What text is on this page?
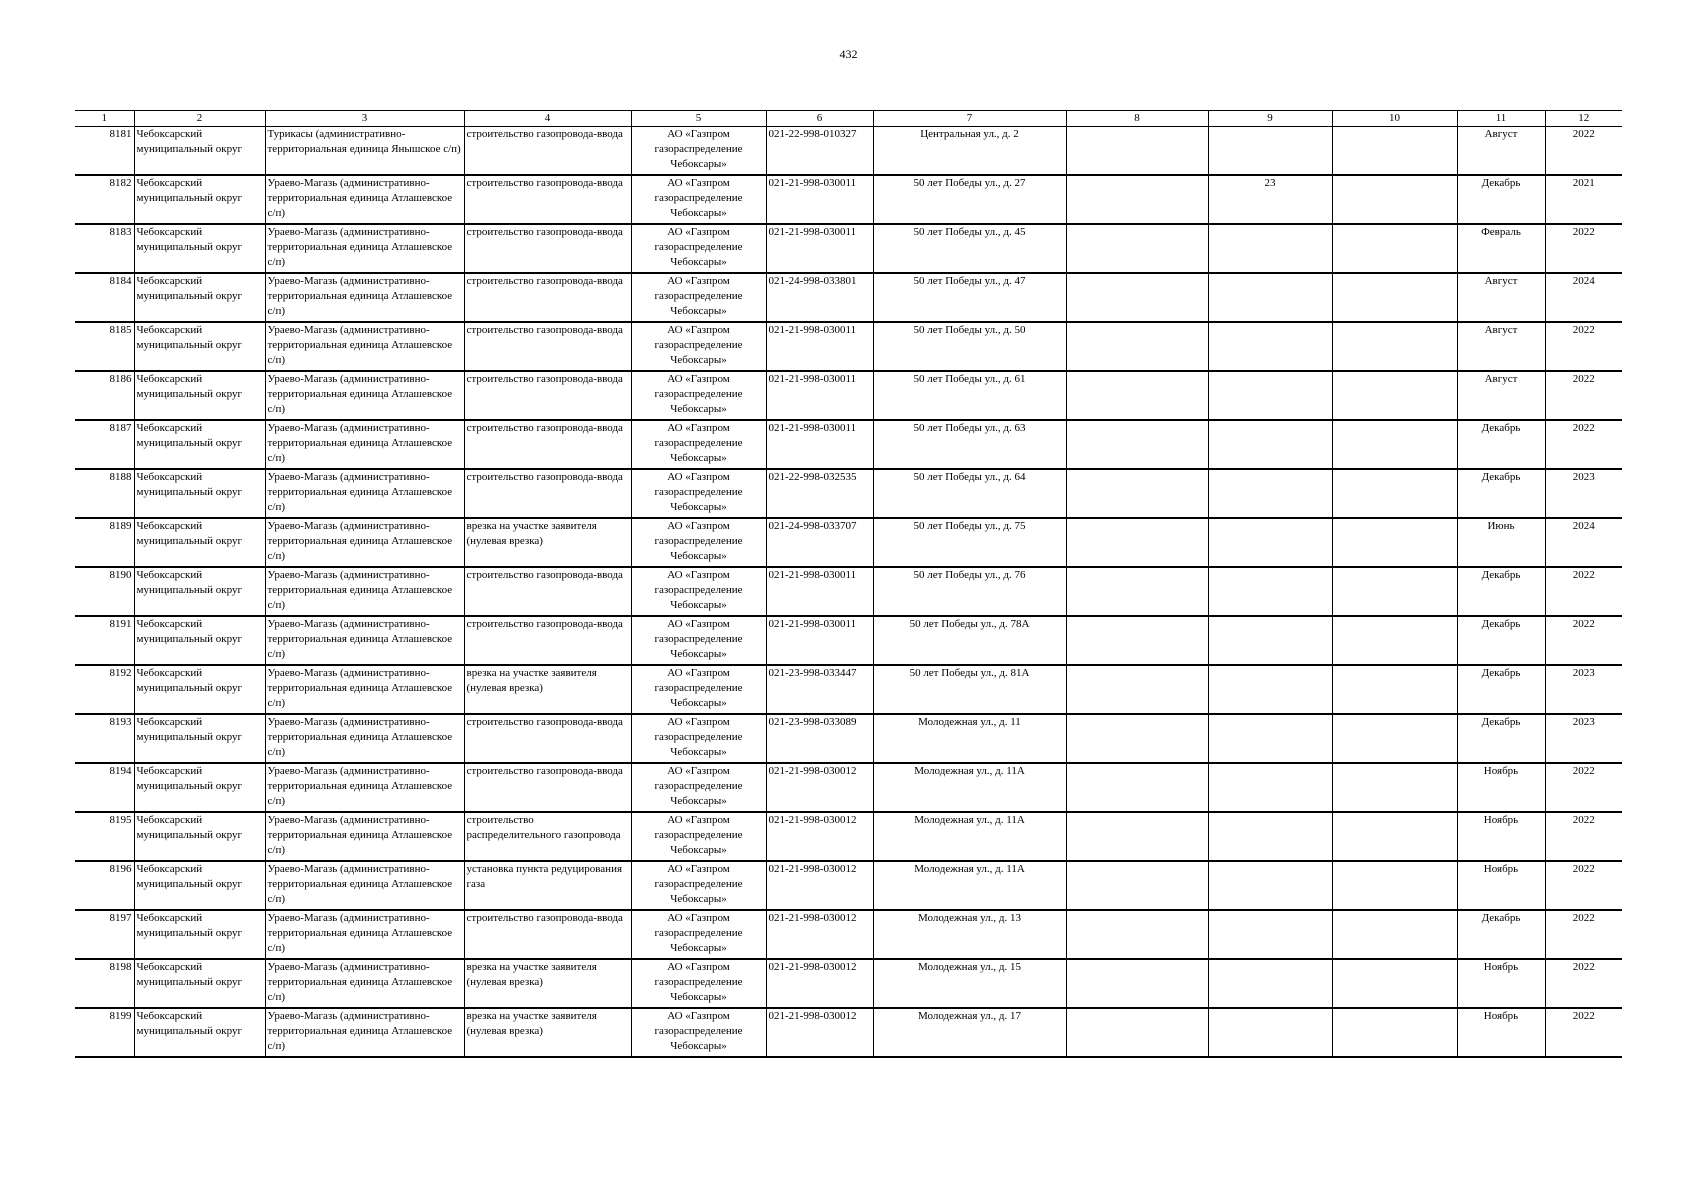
432
1	2	3	4	5	6	7	8	9	10	11	12
8181	Чебоксарский муниципальный округ	Турикасы (административно-территориальная единица Янышское с/п)	строительство газопровода-ввода	АО «Газпром газораспределение Чебоксары»	021-22-998-010327	Центральная ул., д. 2				Август	2022
8182	Чебоксарский муниципальный округ	Ураево-Магазь (административно-территориальная единица Атлашевское с/п)	строительство газопровода-ввода	АО «Газпром газораспределение Чебоксары»	021-21-998-030011	50 лет Победы ул., д. 27		23		Декабрь	2021
8183	Чебоксарский муниципальный округ	Ураево-Магазь (административно-территориальная единица Атлашевское с/п)	строительство газопровода-ввода	АО «Газпром газораспределение Чебоксары»	021-21-998-030011	50 лет Победы ул., д. 45				Февраль	2022
8184	Чебоксарский муниципальный округ	Ураево-Магазь (административно-территориальная единица Атлашевское с/п)	строительство газопровода-ввода	АО «Газпром газораспределение Чебоксары»	021-24-998-033801	50 лет Победы ул., д. 47				Август	2024
8185	Чебоксарский муниципальный округ	Ураево-Магазь (административно-территориальная единица Атлашевское с/п)	строительство газопровода-ввода	АО «Газпром газораспределение Чебоксары»	021-21-998-030011	50 лет Победы ул., д. 50				Август	2022
8186	Чебоксарский муниципальный округ	Ураево-Магазь (административно-территориальная единица Атлашевское с/п)	строительство газопровода-ввода	АО «Газпром газораспределение Чебоксары»	021-21-998-030011	50 лет Победы ул., д. 61				Август	2022
8187	Чебоксарский муниципальный округ	Ураево-Магазь (административно-территориальная единица Атлашевское с/п)	строительство газопровода-ввода	АО «Газпром газораспределение Чебоксары»	021-21-998-030011	50 лет Победы ул., д. 63				Декабрь	2022
8188	Чебоксарский муниципальный округ	Ураево-Магазь (административно-территориальная единица Атлашевское с/п)	строительство газопровода-ввода	АО «Газпром газораспределение Чебоксары»	021-22-998-032535	50 лет Победы ул., д. 64				Декабрь	2023
8189	Чебоксарский муниципальный округ	Ураево-Магазь (административно-территориальная единица Атлашевское с/п)	врезка на участке заявителя (нулевая врезка)	АО «Газпром газораспределение Чебоксары»	021-24-998-033707	50 лет Победы ул., д. 75				Июнь	2024
8190	Чебоксарский муниципальный округ	Ураево-Магазь (административно-территориальная единица Атлашевское с/п)	строительство газопровода-ввода	АО «Газпром газораспределение Чебоксары»	021-21-998-030011	50 лет Победы ул., д. 76				Декабрь	2022
8191	Чебоксарский муниципальный округ	Ураево-Магазь (административно-территориальная единица Атлашевское с/п)	строительство газопровода-ввода	АО «Газпром газораспределение Чебоксары»	021-21-998-030011	50 лет Победы ул., д. 78А				Декабрь	2022
8192	Чебоксарский муниципальный округ	Ураево-Магазь (административно-территориальная единица Атлашевское с/п)	врезка на участке заявителя (нулевая врезка)	АО «Газпром газораспределение Чебоксары»	021-23-998-033447	50 лет Победы ул., д. 81А				Декабрь	2023
8193	Чебоксарский муниципальный округ	Ураево-Магазь (административно-территориальная единица Атлашевское с/п)	строительство газопровода-ввода	АО «Газпром газораспределение Чебоксары»	021-23-998-033089	Молодежная ул., д. 11				Декабрь	2023
8194	Чебоксарский муниципальный округ	Ураево-Магазь (административно-территориальная единица Атлашевское с/п)	строительство газопровода-ввода	АО «Газпром газораспределение Чебоксары»	021-21-998-030012	Молодежная ул., д. 11А				Ноябрь	2022
8195	Чебоксарский муниципальный округ	Ураево-Магазь (административно-территориальная единица Атлашевское с/п)	строительство распределительного газопровода	АО «Газпром газораспределение Чебоксары»	021-21-998-030012	Молодежная ул., д. 11А				Ноябрь	2022
8196	Чебоксарский муниципальный округ	Ураево-Магазь (административно-территориальная единица Атлашевское с/п)	установка пункта редуцирования газа	АО «Газпром газораспределение Чебоксары»	021-21-998-030012	Молодежная ул., д. 11А				Ноябрь	2022
8197	Чебоксарский муниципальный округ	Ураево-Магазь (административно-территориальная единица Атлашевское с/п)	строительство газопровода-ввода	АО «Газпром газораспределение Чебоксары»	021-21-998-030012	Молодежная ул., д. 13				Декабрь	2022
8198	Чебоксарский муниципальный округ	Ураево-Магазь (административно-территориальная единица Атлашевское с/п)	врезка на участке заявителя (нулевая врезка)	АО «Газпром газораспределение Чебоксары»	021-21-998-030012	Молодежная ул., д. 15				Ноябрь	2022
8199	Чебоксарский муниципальный округ	Ураево-Магазь (административно-территориальная единица Атлашевское с/п)	врезка на участке заявителя (нулевая врезка)	АО «Газпром газораспределение Чебоксары»	021-21-998-030012	Молодежная ул., д. 17				Ноябрь	2022
